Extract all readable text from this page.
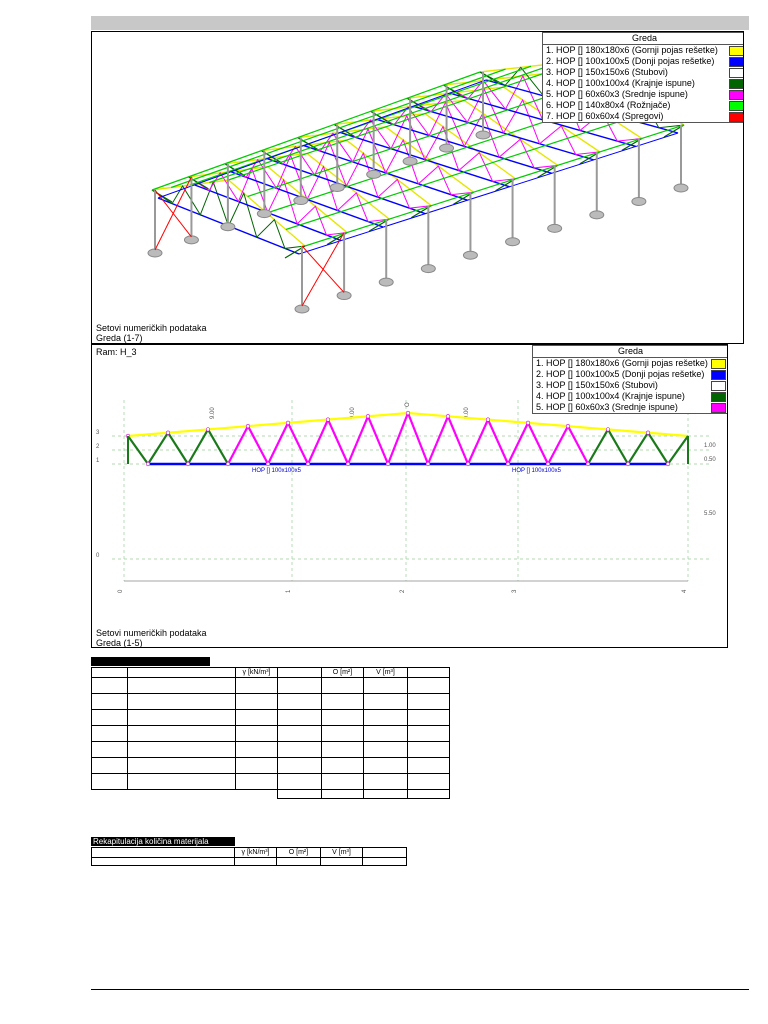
Greda
1. HOP [] 180x180x6 (Gornji pojas rešetke)
2. HOP [] 100x100x5 (Donji pojas rešetke)
3. HOP [] 150x150x6 (Stubovi)
4. HOP [] 100x100x4 (Krajnje ispune)
5. HOP [] 60x60x3 (Srednje ispune)
6. HOP [] 140x80x4 (Rožnjače)
7. HOP [] 60x60x4 (Spregovi)
Setovi numeričkih podataka
Greda (1-7)
Ram: H_3
0	1	2	3	4
3
2
1
0
1.00
0.50
5.50
9.00	9.00	9.00
O
HOP [] 100x100x5	HOP [] 100x100x5
Greda
1. HOP [] 180x180x6 (Gornji pojas rešetke)
2. HOP [] 100x100x5 (Donji pojas rešetke)
3. HOP [] 150x150x6 (Stubovi)
4. HOP [] 100x100x4 (Krajnje ispune)
5. HOP [] 60x60x3 (Srednje ispune)
Setovi numeričkih podataka
Greda (1-5)
		γ [kN/m³]		O [m²]	V [m³]	

Rekapitulacija količina materijala
	γ [kN/m³]	O [m²]	V [m³]	
